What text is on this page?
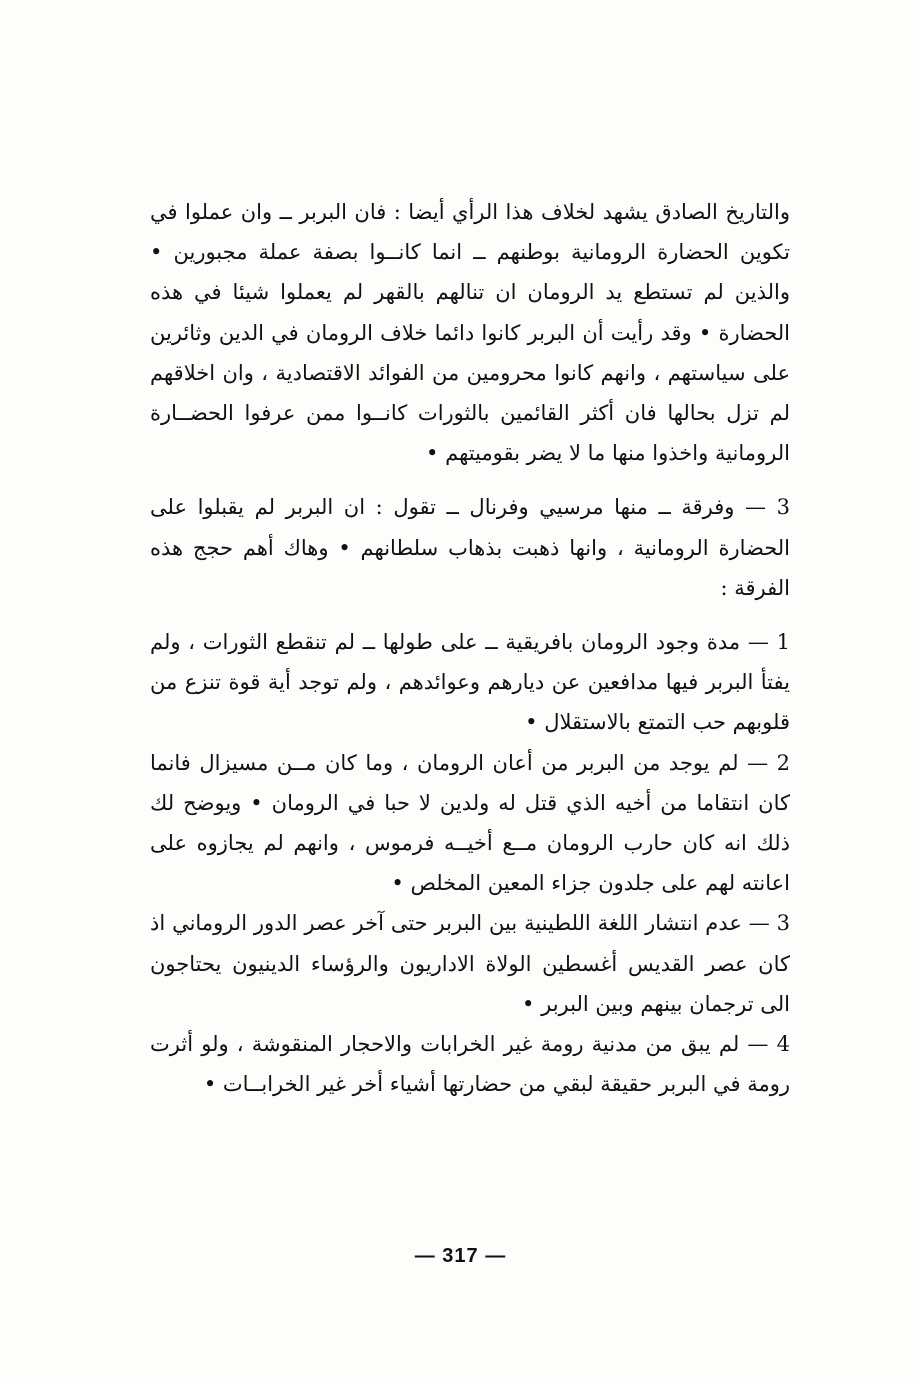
والتاريخ الصادق يشهد لخلاف هذا الرأي أيضا : فان البربر ــ وان عملوا في تكوين الحضارة الرومانية بوطنهم ــ انما كانــوا بصفة عملة مجبورين • والذين لم تستطع يد الرومان ان تنالهم بالقهر لم يعملوا شيئا في هذه الحضارة • وقد رأيت أن البربر كانوا دائما خلاف الرومان في الدين وثائرين على سياستهم ، وانهم كانوا محرومين من الفوائد الاقتصادية ، وان اخلاقهم لم تزل بحالها فان أكثر القائمين بالثورات كانــوا ممن عرفوا الحضــارة الرومانية واخذوا منها ما لا يضر بقوميتهم •

3 — وفرقة ــ منها مرسيي وفرنال ــ تقول : ان البربر لم يقبلوا على الحضارة الرومانية ، وانها ذهبت بذهاب سلطانهم • وهاك أهم حجج هذه الفرقة :

1 — مدة وجود الرومان بافريقية ــ على طولها ــ لم تنقطع الثورات ، ولم يفتأ البربر فيها مدافعين عن ديارهم وعوائدهم ، ولم توجد أية قوة تنزع من قلوبهم حب التمتع بالاستقلال •

2 — لم يوجد من البربر من أعان الرومان ، وما كان مــن مسيزال فانما كان انتقاما من أخيه الذي قتل له ولدين لا حبا في الرومان • ويوضح لك ذلك انه كان حارب الرومان مــع أخيــه فرموس ، وانهم لم يجازوه على اعانته لهم على جلدون جزاء المعين المخلص •

3 — عدم انتشار اللغة اللطينية بين البربر حتى آخر عصر الدور الروماني اذ كان عصر القديس أغسطين الولاة الاداريون والرؤساء الدينيون يحتاجون الى ترجمان بينهم وبين البربر •

4 — لم يبق من مدنية رومة غير الخرابات والاحجار المنقوشة ، ولو أثرت رومة في البربر حقيقة لبقي من حضارتها أشياء أخر غير الخرابــات •

— 317 —
